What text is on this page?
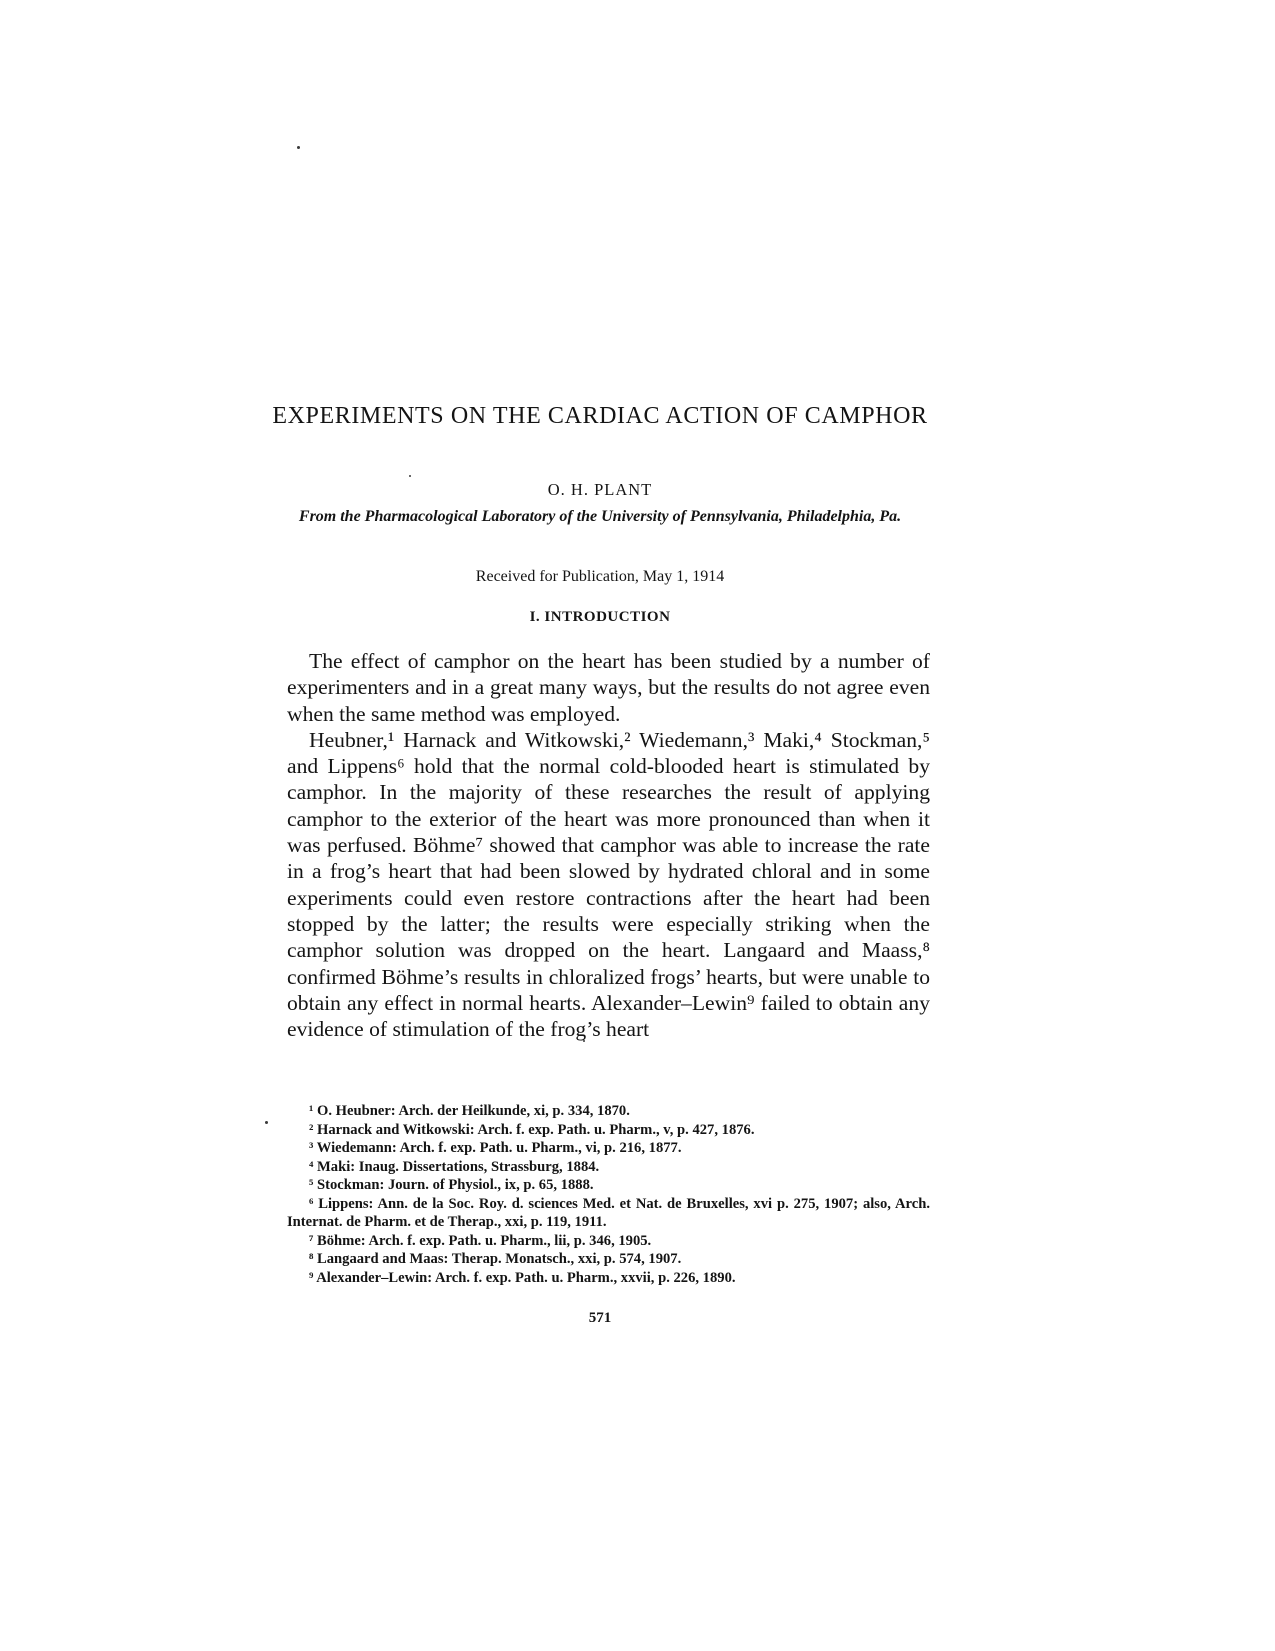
EXPERIMENTS ON THE CARDIAC ACTION OF CAMPHOR
O. H. PLANT
From the Pharmacological Laboratory of the University of Pennsylvania, Philadelphia, Pa.
Received for Publication, May 1, 1914
I. INTRODUCTION

The effect of camphor on the heart has been studied by a number of experimenters and in a great many ways, but the results do not agree even when the same method was employed.

Heubner,¹ Harnack and Witkowski,² Wiedemann,³ Maki,⁴ Stockman,⁵ and Lippens⁶ hold that the normal cold-blooded heart is stimulated by camphor. In the majority of these researches the result of applying camphor to the exterior of the heart was more pronounced than when it was perfused. Böhme⁷ showed that camphor was able to increase the rate in a frog’s heart that had been slowed by hydrated chloral and in some experiments could even restore contractions after the heart had been stopped by the latter; the results were especially striking when the camphor solution was dropped on the heart. Langaard and Maass,⁸ confirmed Böhme’s results in chloralized frogs’ hearts, but were unable to obtain any effect in normal hearts. Alexander–Lewin⁹ failed to obtain any evidence of stimulation of the frog’s heart

¹ O. Heubner: Arch. der Heilkunde, xi, p. 334, 1870.
² Harnack and Witkowski: Arch. f. exp. Path. u. Pharm., v, p. 427, 1876.
³ Wiedemann: Arch. f. exp. Path. u. Pharm., vi, p. 216, 1877.
⁴ Maki: Inaug. Dissertations, Strassburg, 1884.
⁵ Stockman: Journ. of Physiol., ix, p. 65, 1888.
⁶ Lippens: Ann. de la Soc. Roy. d. sciences Med. et Nat. de Bruxelles, xvi p. 275, 1907; also, Arch. Internat. de Pharm. et de Therap., xxi, p. 119, 1911.
⁷ Böhme: Arch. f. exp. Path. u. Pharm., lii, p. 346, 1905.
⁸ Langaard and Maas: Therap. Monatsch., xxi, p. 574, 1907.
⁹ Alexander–Lewin: Arch. f. exp. Path. u. Pharm., xxvii, p. 226, 1890.
571
